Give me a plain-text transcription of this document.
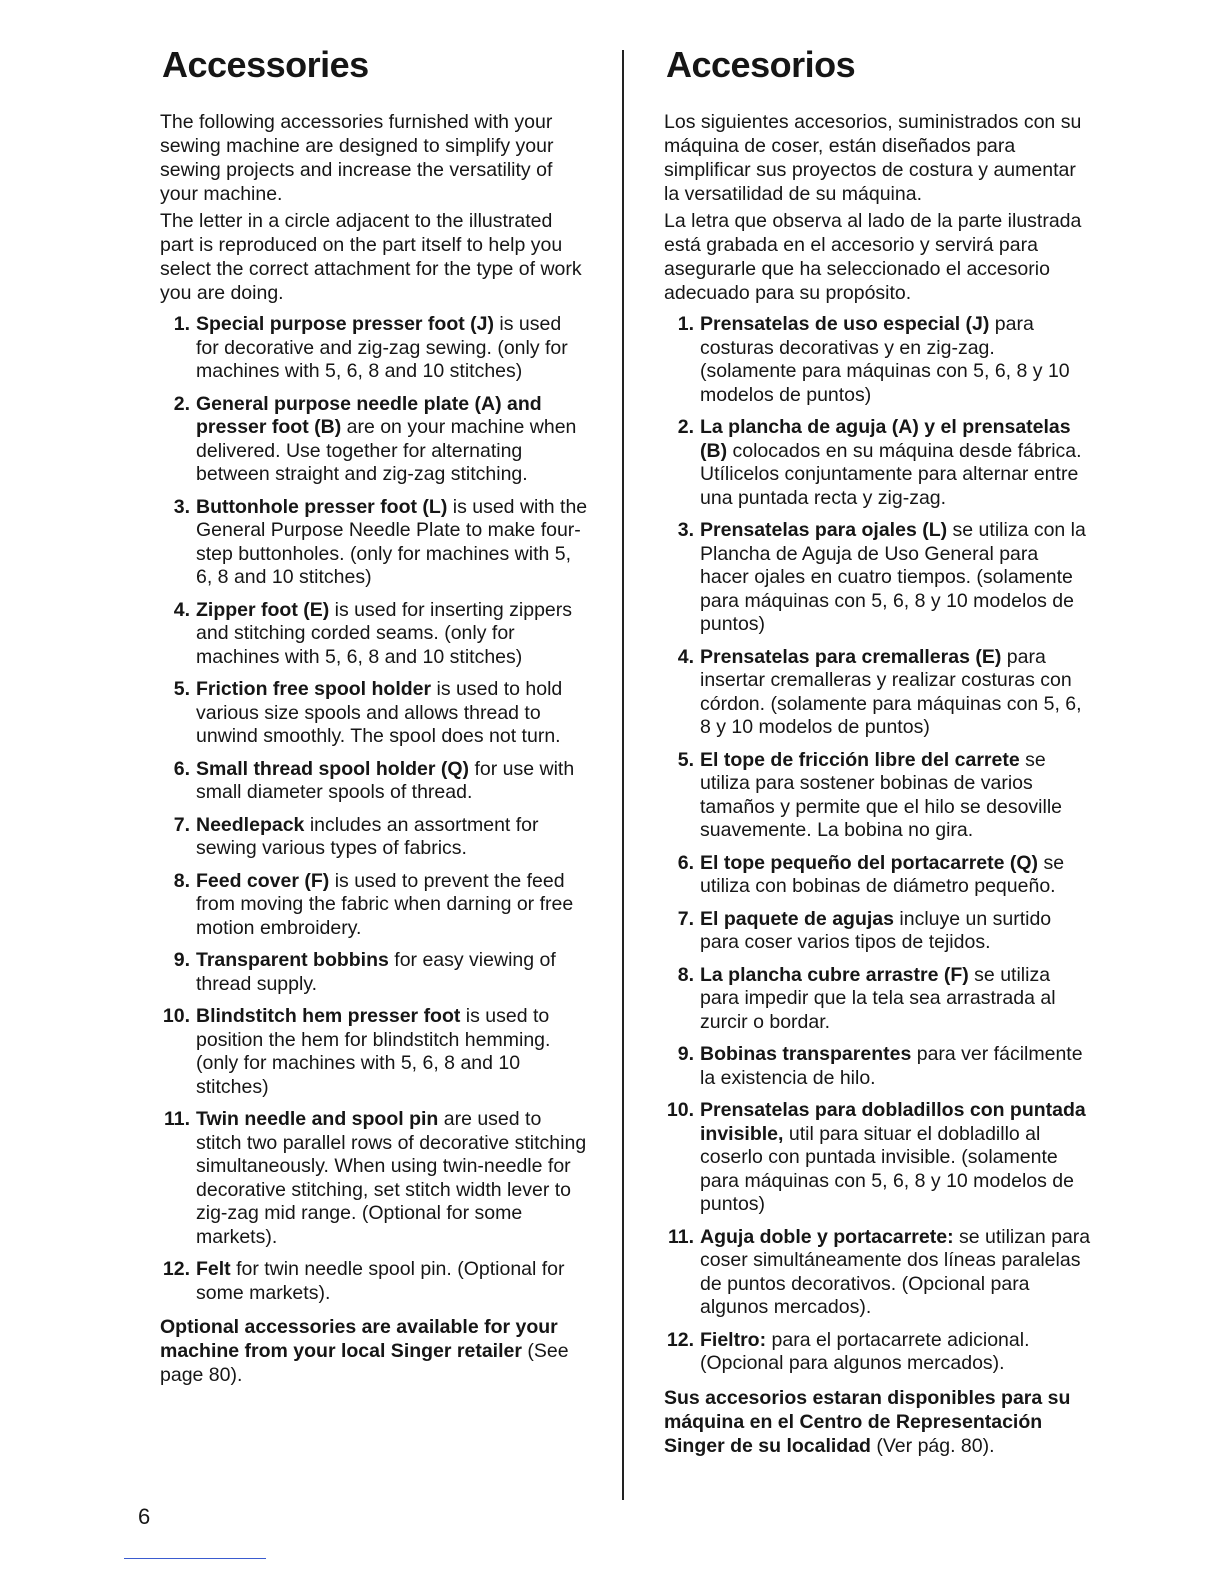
Accessories

The following accessories furnished with your sewing machine are designed to simplify your sewing projects and increase the versatility of your machine.

The letter in a circle adjacent to the illustrated part is reproduced on the part itself to help you select the correct attachment for the type of work you are doing.

1. Special purpose presser foot (J) is used for decorative and zig-zag sewing. (only for machines with 5, 6, 8 and 10 stitches)
2. General purpose needle plate (A) and presser foot (B) are on your machine when delivered. Use together for alternating between straight and zig-zag stitching.
3. Buttonhole presser foot (L) is used with the General Purpose Needle Plate to make four-step buttonholes. (only for machines with 5, 6, 8 and 10 stitches)
4. Zipper foot (E) is used for inserting zippers and stitching corded seams. (only for machines with 5, 6, 8 and 10 stitches)
5. Friction free spool holder is used to hold various size spools and allows thread to unwind smoothly. The spool does not turn.
6. Small thread spool holder (Q) for use with small diameter spools of thread.
7. Needlepack includes an assortment for sewing various types of fabrics.
8. Feed cover (F) is used to prevent the feed from moving the fabric when darning or free motion embroidery.
9. Transparent bobbins for easy viewing of thread supply.
10. Blindstitch hem presser foot is used to position the hem for blindstitch hemming. (only for machines with 5, 6, 8 and 10 stitches)
11. Twin needle and spool pin are used to stitch two parallel rows of decorative stitching simultaneously. When using twin-needle for decorative stitching, set stitch width lever to zig-zag mid range. (Optional for some markets).
12. Felt for twin needle spool pin. (Optional for some markets).

Optional accessories are available for your machine from your local Singer retailer (See page 80).

Accesorios

Los siguientes accesorios, suministrados con su máquina de coser, están diseñados para simplificar sus proyectos de costura y aumentar la versatilidad de su máquina.

La letra que observa al lado de la parte ilustrada está grabada en el accesorio y servirá para asegurarle que ha seleccionado el accesorio adecuado para su propósito.

1. Prensatelas de uso especial (J) para costuras decorativas y en zig-zag. (solamente para máquinas con 5, 6, 8 y 10 modelos de puntos)
2. La plancha de aguja (A) y el prensatelas (B) colocados en su máquina desde fábrica. Utílicelos conjuntamente para alternar entre una puntada recta y zig-zag.
3. Prensatelas para ojales (L) se utiliza con la Plancha de Aguja de Uso General para hacer ojales en cuatro tiempos. (solamente para máquinas con 5, 6, 8 y 10 modelos de puntos)
4. Prensatelas para cremalleras (E) para insertar cremalleras y realizar costuras con córdon. (solamente para máquinas con 5, 6, 8 y 10 modelos de puntos)
5. El tope de fricción libre del carrete se utiliza para sostener bobinas de varios tamaños y permite que el hilo se desoville suavemente. La bobina no gira.
6. El tope pequeño del portacarrete (Q) se utiliza con bobinas de diámetro pequeño.
7. El paquete de agujas incluye un surtido para coser varios tipos de tejidos.
8. La plancha cubre arrastre (F) se utiliza para impedir que la tela sea arrastrada al zurcir o bordar.
9. Bobinas transparentes para ver fácilmente la existencia de hilo.
10. Prensatelas para dobladillos con puntada invisible, util para situar el dobladillo al coserlo con puntada invisible. (solamente para máquinas con 5, 6, 8 y 10 modelos de puntos)
11. Aguja doble y portacarrete: se utilizan para coser simultáneamente dos líneas paralelas de puntos decorativos. (Opcional para algunos mercados).
12. Fieltro: para el portacarrete adicional. (Opcional para algunos mercados).

Sus accesorios estaran disponibles para su máquina en el Centro de Representación Singer de su localidad (Ver pág. 80).

6
